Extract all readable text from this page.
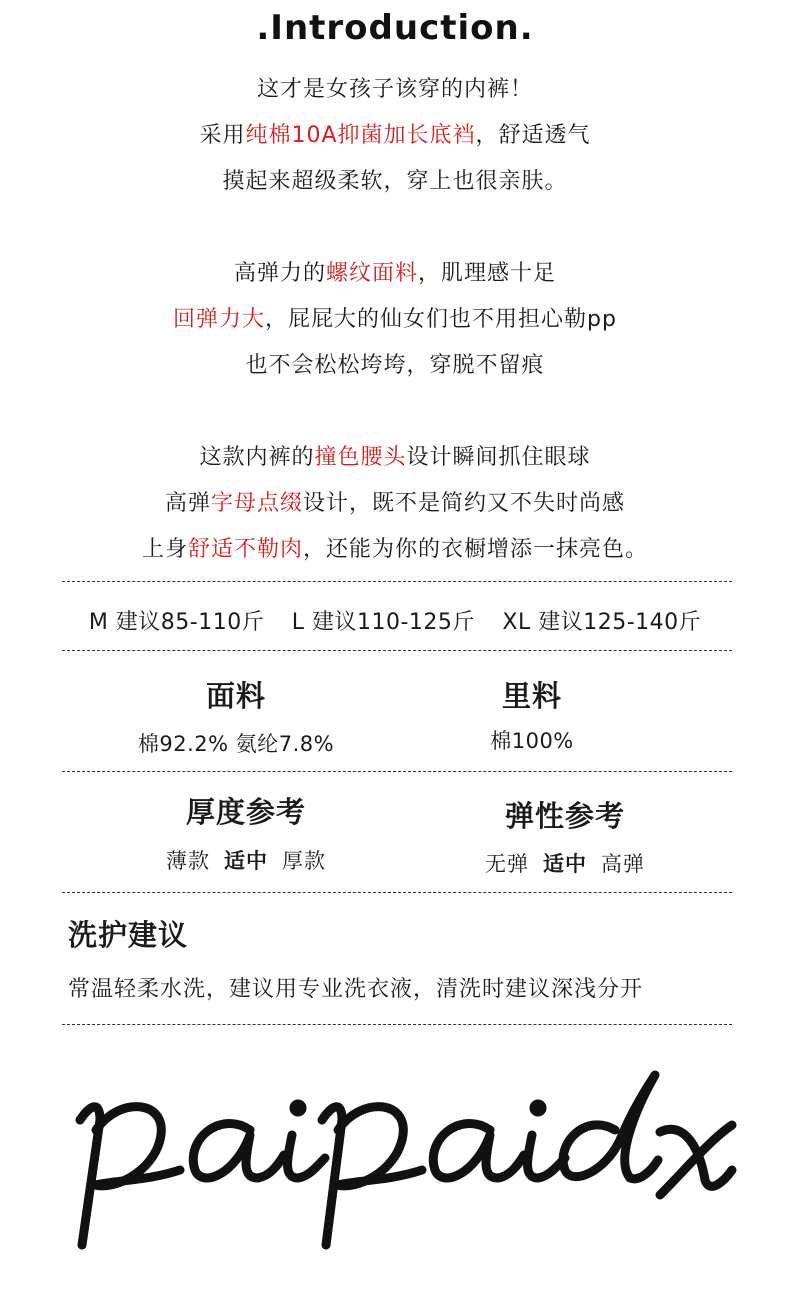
.Introduction.
这才是女孩子该穿的内裤！
采用纯棉10A抑菌加长底裆，舒适透气
摸起来超级柔软，穿上也很亲肤。
高弹力的螺纹面料，肌理感十足
回弹力大，屁屁大的仙女们也不用担心勒pp
也不会松松垮垮，穿脱不留痕
这款内裤的撞色腰头设计瞬间抓住眼球
高弹字母点缀设计，既不是简约又不失时尚感
上身舒适不勒肉，还能为你的衣橱增添一抹亮色。
M 建议85-110斤 L 建议110-125斤 XL 建议125-140斤
面料
棉92.2% 氨纶7.8%
里料
棉100%
厚度参考
薄款 适中 厚款
弹性参考
无弹 适中 高弹
洗护建议
常温轻柔水洗，建议用专业洗衣液，清洗时建议深浅分开
